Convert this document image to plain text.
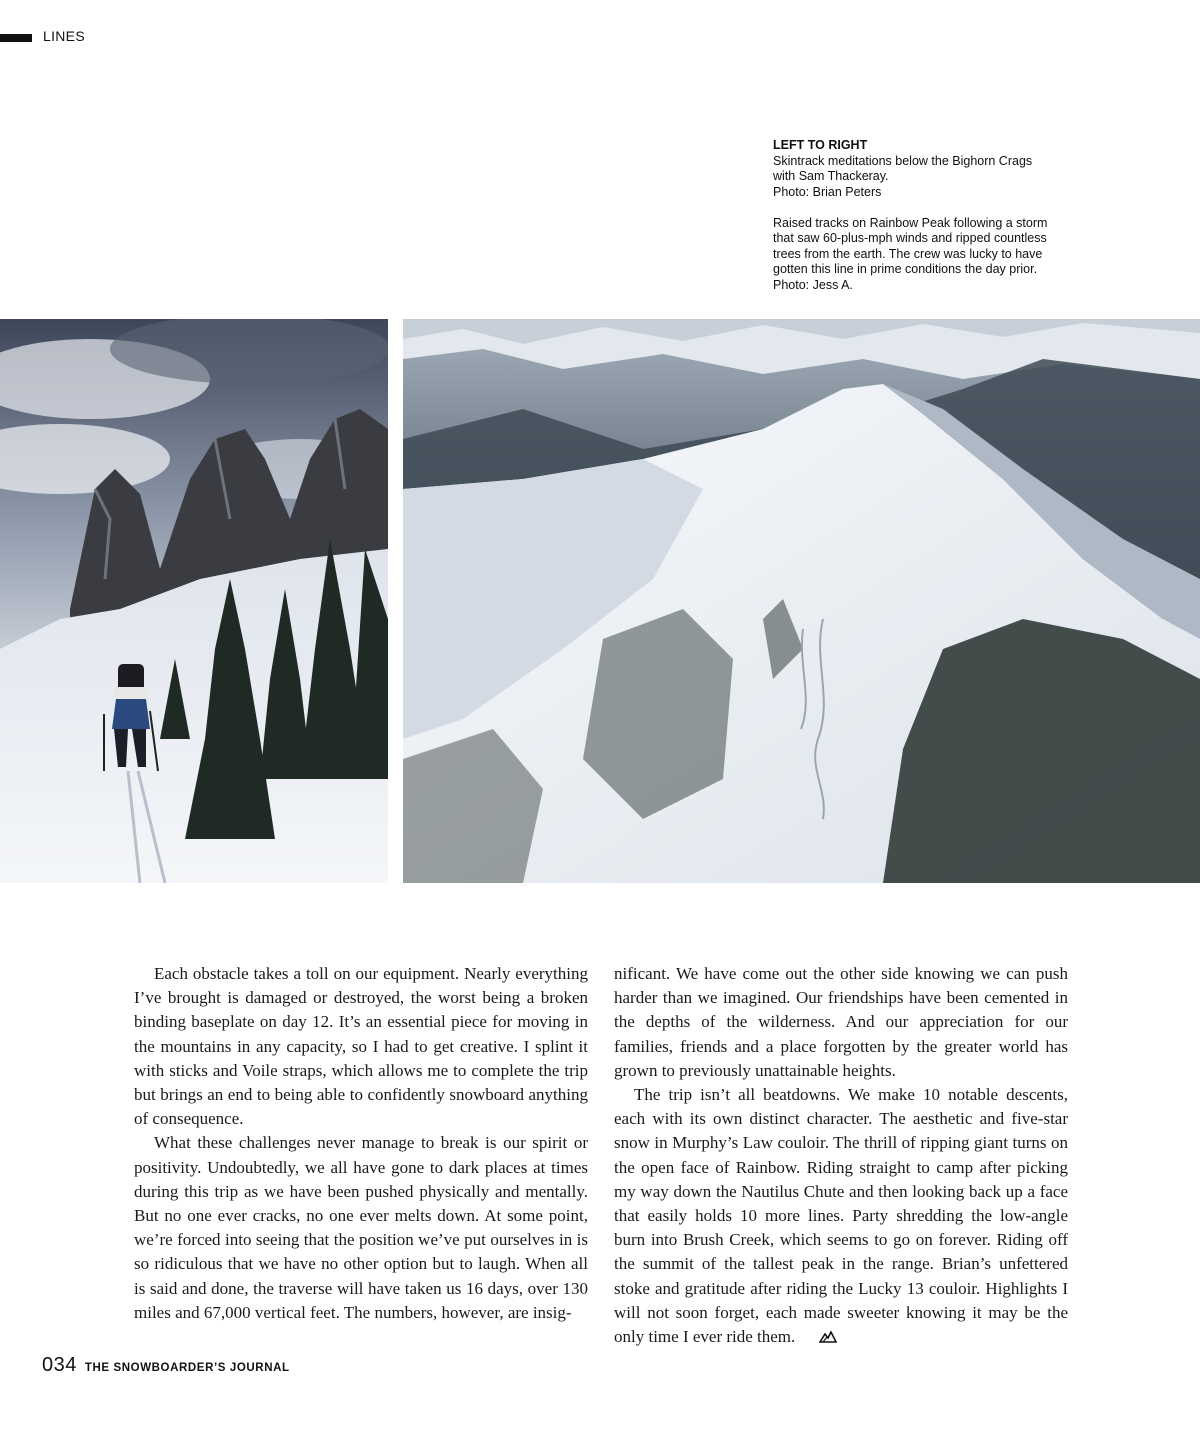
LINES
LEFT TO RIGHT
Skintrack meditations below the Bighorn Crags
with Sam Thackeray.
Photo: Brian Peters
Raised tracks on Rainbow Peak following a storm
that saw 60-plus-mph winds and ripped countless
trees from the earth. The crew was lucky to have
gotten this line in prime conditions the day prior.
Photo: Jess A.

Each obstacle takes a toll on our equipment. Nearly everything I’ve brought is damaged or destroyed, the worst being a broken binding baseplate on day 12. It’s an essential piece for moving in the mountains in any capacity, so I had to get creative. I splint it with sticks and Voile straps, which allows me to complete the trip but brings an end to being able to confidently snowboard anything of consequence.

What these challenges never manage to break is our spirit or positivity. Undoubtedly, we all have gone to dark places at times during this trip as we have been pushed physically and mentally. But no one ever cracks, no one ever melts down. At some point, we’re forced into seeing that the position we’ve put ourselves in is so ridiculous that we have no other option but to laugh. When all is said and done, the traverse will have taken us 16 days, over 130 miles and 67,000 vertical feet. The numbers, however, are insig-

nificant. We have come out the other side knowing we can push harder than we imagined. Our friendships have been cemented in the depths of the wilderness. And our appreciation for our families, friends and a place forgotten by the greater world has grown to previously unattainable heights.

The trip isn’t all beatdowns. We make 10 notable descents, each with its own distinct character. The aesthetic and five-star snow in Murphy’s Law couloir. The thrill of ripping giant turns on the open face of Rainbow. Riding straight to camp after picking my way down the Nautilus Chute and then looking back up a face that easily holds 10 more lines. Party shredding the low-angle burn into Brush Creek, which seems to go on forever. Riding off the summit of the tallest peak in the range. Brian’s unfettered stoke and gratitude after riding the Lucky 13 couloir. Highlights I will not soon forget, each made sweeter knowing it may be the only time I ever ride them.

034 THE SNOWBOARDER’S JOURNAL
